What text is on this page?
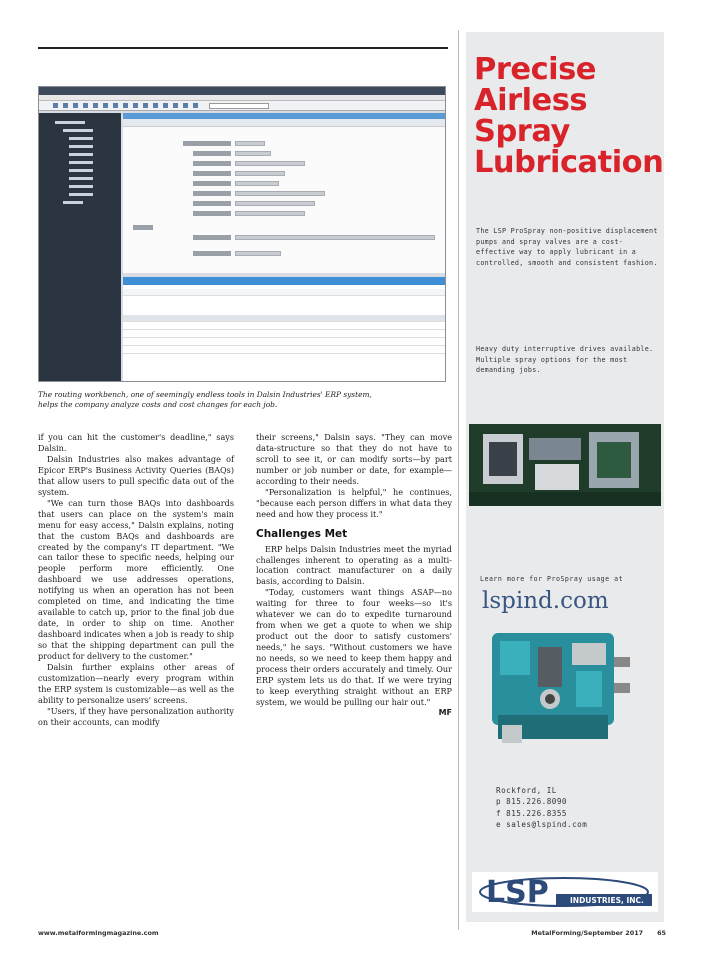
The routing workbench, one of seemingly endless tools in Dalsin Industries' ERP system,
helps the company analyze costs and cost changes for each job.

if you can hit the customer's deadline," says Dalsin.

Dalsin Industries also makes advantage of Epicor ERP's Business Activity Queries (BAQs) that allow users to pull specific data out of the system.

"We can turn those BAQs into dashboards that users can place on the system's main menu for easy access," Dalsin explains, noting that the custom BAQs and dashboards are created by the company's IT department. "We can tailor these to specific needs, helping our people perform more efficiently. One dashboard we use addresses operations, notifying us when an operation has not been completed on time, and indicating the time available to catch up, prior to the final job due date, in order to ship on time. Another dashboard indicates when a job is ready to ship so that the shipping department can pull the product for delivery to the customer."

Dalsin further explains other areas of customization—nearly every program within the ERP system is customizable—as well as the ability to personalize users' screens.

"Users, if they have personalization authority on their accounts, can modify

their screens," Dalsin says. "They can move data-structure so that they do not have to scroll to see it, or can modify sorts—by part number or job number or date, for example—according to their needs.

"Personalization is helpful," he continues, "because each person differs in what data they need and how they process it."

Challenges Met

ERP helps Dalsin Industries meet the myriad challenges inherent to operating as a multi-location contract manufacturer on a daily basis, according to Dalsin.

"Today, customers want things ASAP—no waiting for three to four weeks—so it's whatever we can do to expedite turnaround from when we get a quote to when we ship product out the door to satisfy customers' needs," he says. "Without customers we have no needs, so we need to keep them happy and process their orders accurately and timely. Our ERP system lets us do that. If we were trying to keep everything straight without an ERP system, we would be pulling our hair out."
MF

www.metalformingmagazine.com	MetalForming/September 2017 65
Precise
Airless Spray
Lubrication
The LSP ProSpray non-positive displacement pumps and spray valves are a cost-effective way to apply lubricant in a controlled, smooth and consistent fashion.
Heavy duty interruptive drives available. Multiple spray options for the most demanding jobs.
Learn more for ProSpray usage at
lspind.com
Rockford, IL
p 815.226.8090
f 815.226.8355
e sales@lspind.com
LSP	INDUSTRIES, INC.
